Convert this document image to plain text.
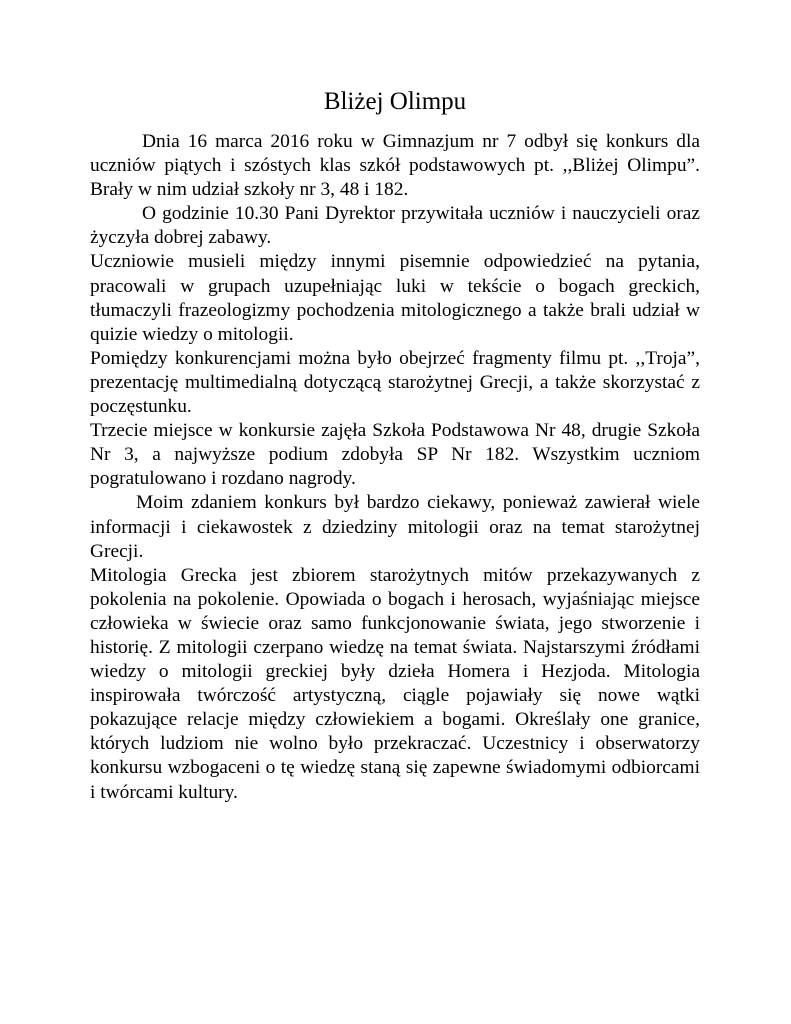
Bliżej Olimpu

Dnia 16 marca 2016 roku w Gimnazjum nr 7 odbył się konkurs dla uczniów piątych i szóstych klas szkół podstawowych pt. ,,Bliżej Olimpu”. Brały w nim udział szkoły nr 3, 48 i 182.

O godzinie 10.30 Pani Dyrektor przywitała uczniów i nauczycieli oraz życzyła dobrej zabawy.

Uczniowie musieli między innymi pisemnie odpowiedzieć na pytania, pracowali w grupach uzupełniając luki w tekście o bogach greckich, tłumaczyli frazeologizmy pochodzenia mitologicznego a także brali udział w quizie wiedzy o mitologii.

Pomiędzy konkurencjami można było obejrzeć fragmenty filmu pt. ,,Troja”, prezentację multimedialną dotyczącą starożytnej Grecji, a także skorzystać z poczęstunku.

Trzecie miejsce w konkursie zajęła Szkoła Podstawowa Nr 48, drugie Szkoła Nr 3, a najwyższe podium zdobyła SP Nr 182. Wszystkim uczniom pogratulowano i rozdano nagrody.

Moim zdaniem konkurs był bardzo ciekawy, ponieważ zawierał wiele informacji i ciekawostek z dziedziny mitologii oraz na temat starożytnej Grecji.

Mitologia Grecka jest zbiorem starożytnych mitów przekazywanych z pokolenia na pokolenie. Opowiada o bogach i herosach, wyjaśniając miejsce człowieka w świecie oraz samo funkcjonowanie świata, jego stworzenie i historię. Z mitologii czerpano wiedzę na temat świata. Najstarszymi źródłami wiedzy o mitologii greckiej były dzieła Homera i Hezjoda. Mitologia inspirowała twórczość artystyczną, ciągle pojawiały się nowe wątki pokazujące relacje między człowiekiem a bogami. Określały one granice, których ludziom nie wolno było przekraczać. Uczestnicy i obserwatorzy konkursu wzbogaceni o tę wiedzę staną się zapewne świadomymi odbiorcami i twórcami kultury.
